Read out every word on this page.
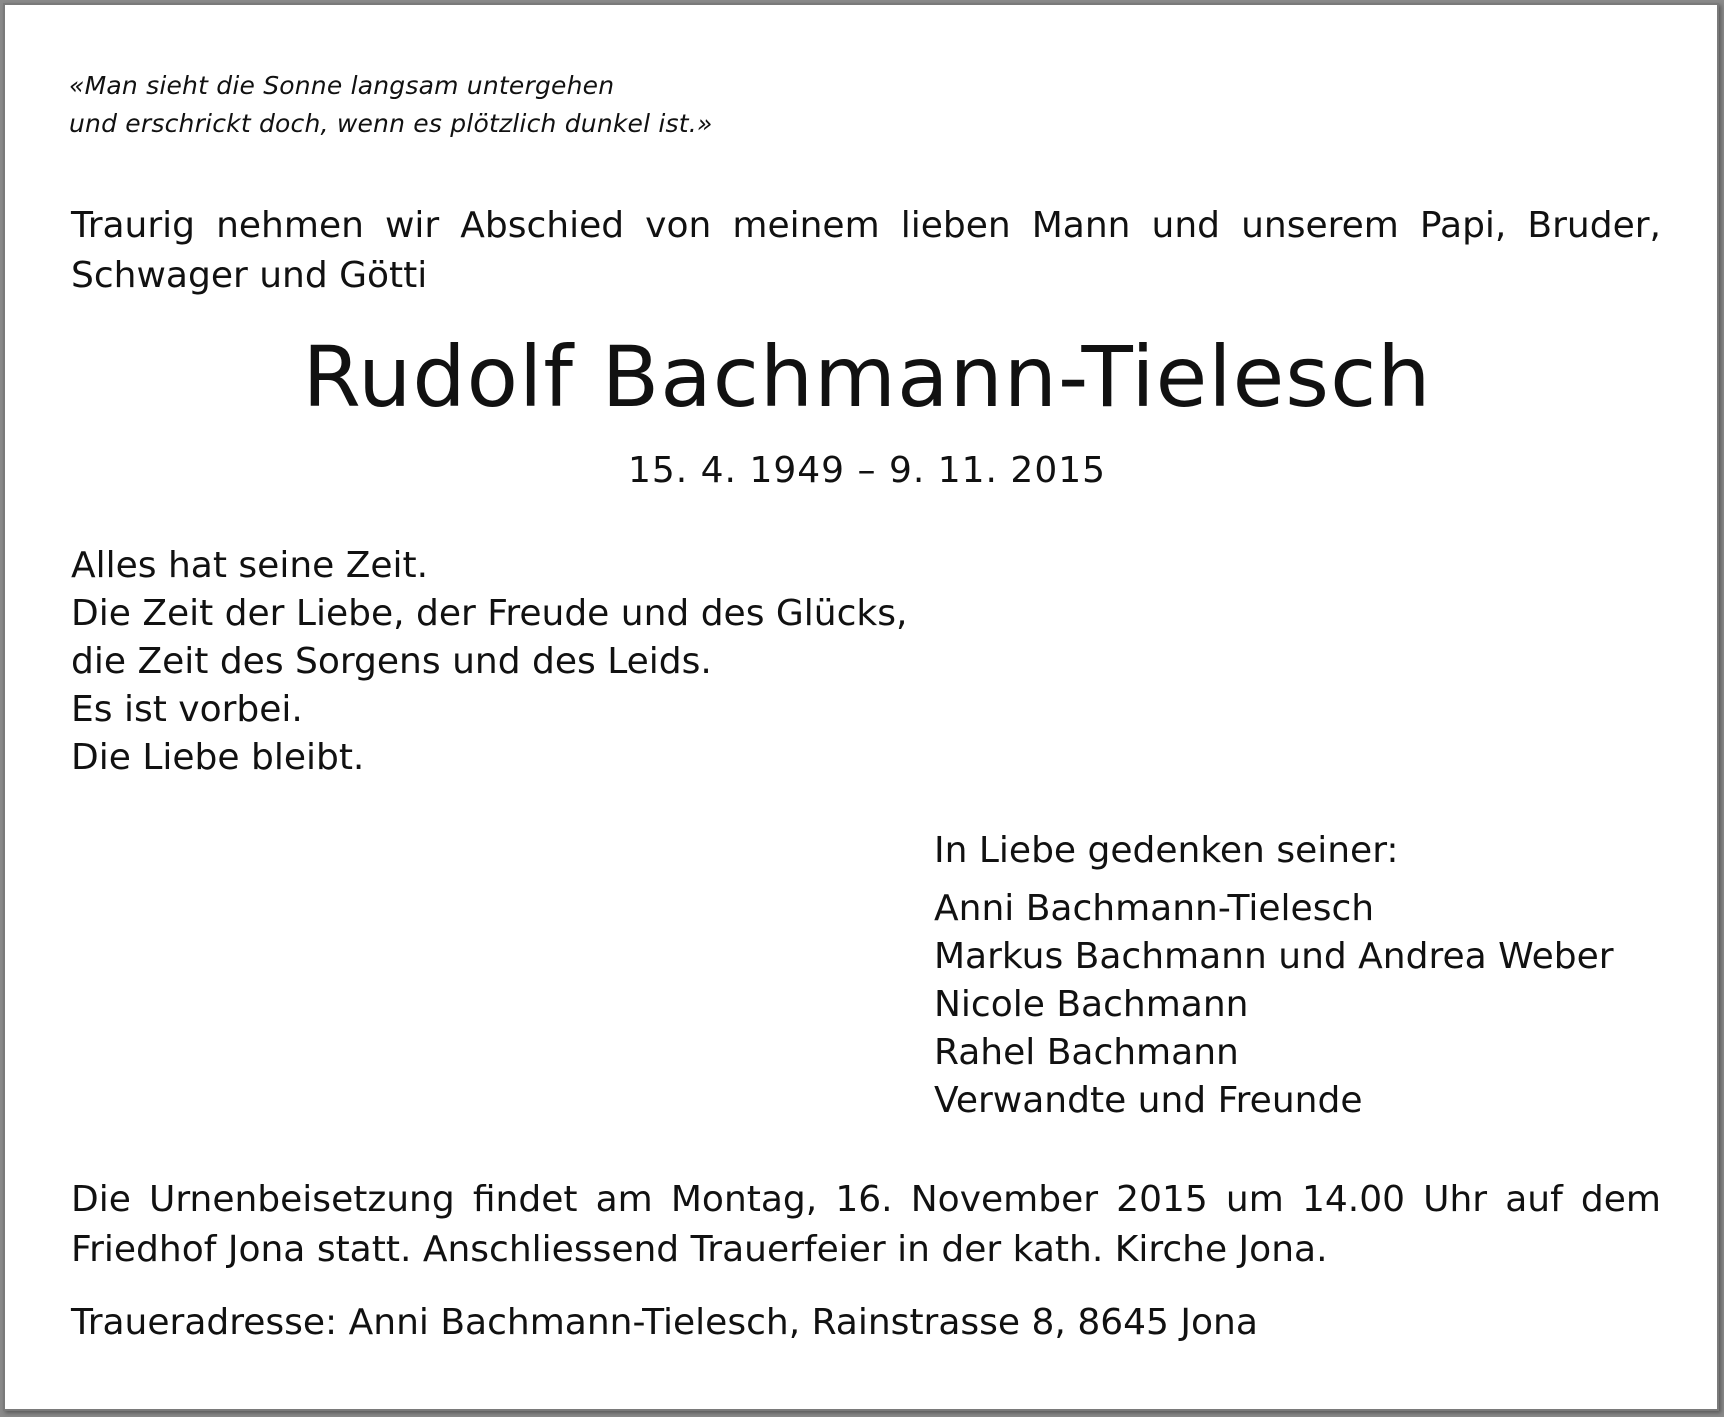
«Man sieht die Sonne langsam untergehen
und erschrickt doch, wenn es plötzlich dunkel ist.»

Traurig nehmen wir Abschied von meinem lieben Mann und unserem Papi, Bruder,
Schwager und Götti

Rudolf Bachmann-Tielesch

15. 4. 1949 – 9. 11. 2015

Alles hat seine Zeit.
Die Zeit der Liebe, der Freude und des Glücks,
die Zeit des Sorgens und des Leids.
Es ist vorbei.
Die Liebe bleibt.

In Liebe gedenken seiner:
Anni Bachmann-Tielesch
Markus Bachmann und Andrea Weber
Nicole Bachmann
Rahel Bachmann
Verwandte und Freunde

Die Urnenbeisetzung findet am Montag, 16. November 2015 um 14.00 Uhr auf dem
Friedhof Jona statt. Anschliessend Trauerfeier in der kath. Kirche Jona.

Traueradresse: Anni Bachmann-Tielesch, Rainstrasse 8, 8645 Jona
